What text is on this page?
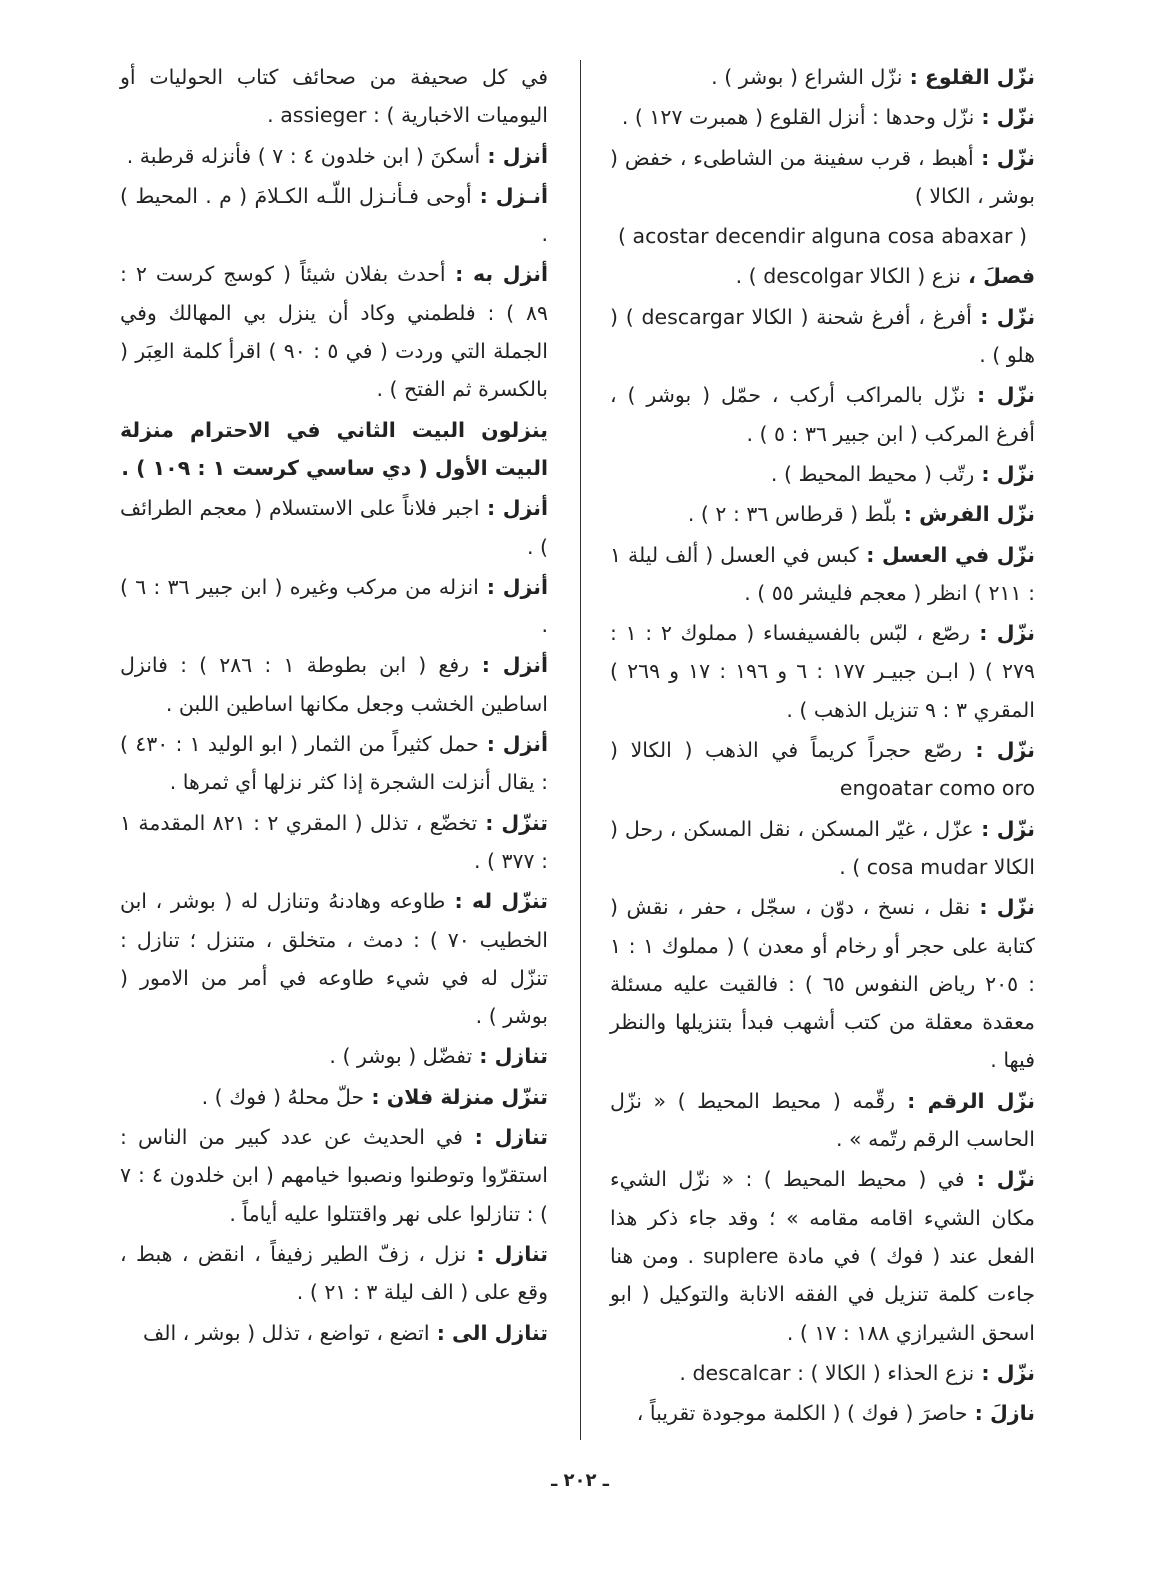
نزّل القلوع : نزّل الشراع ( بوشر ) .

نزّل : نزّل وحدها : أنزل القلوع ( همبرت ١٢٧ ) .

نزّل : أهبط ، قرب سفينة من الشاطىء ، خفض ( بوشر ، الكالا )

( acostar decendir alguna cosa abaxar )

فصلَ ، نزع ( الكالا descolgar ) .

نزّل : أفرغ ، أفرغ شحنة ( الكالا descargar ) ( هلو ) .

نزّل : نزّل بالمراكب أركب ، حمّل ( بوشر ) ، أفرغ المركب ( ابن جبير ٣٦ : ٥ ) .

نزّل : رتّب ( محيط المحيط ) .

نزّل الفرش : بلّط ( قرطاس ٣٦ : ٢ ) .

نزّل في العسل : كبس في العسل ( ألف ليلة ١ : ٢١١ ) انظر ( معجم فليشر ٥٥ ) .

نزّل : رصّع ، لبّس بالفسيفساء ( مملوك ٢ : ١ : ٢٧٩ ) ( ابـن جبيـر ١٧٧ : ٦ و ١٩٦ : ١٧ و ٢٦٩ ) المقري ٣ : ٩ تنزيل الذهب ) .

نزّل : رصّع حجراً كريماً في الذهب ( الكالا ( engoatar como oro

نزّل : عزّل ، غيّر المسكن ، نقل المسكن ، رحل ( الكالا cosa mudar ) .

نزّل : نقل ، نسخ ، دوّن ، سجّل ، حفر ، نقش ( كتابة على حجر أو رخام أو معدن ) ( مملوك ١ : ١ : ٢٠٥ رياض النفوس ٦٥ ) : فالقيت عليه مسئلة معقدة معقلة من كتب أشهب فبدأ بتنزيلها والنظر فيها .

نزّل الرقم : رقّمه ( محيط المحيط ) « نزّل الحاسب الرقم رتّمه » .

نزّل : في ( محيط المحيط ) : « نزّل الشيء مكان الشيء اقامه مقامه » ؛ وقد جاء ذكر هذا الفعل عند ( فوك ) في مادة suplere . ومن هنا جاءت كلمة تنزيل في الفقه الانابة والتوكيل ( ابو اسحق الشيرازي ١٨٨ : ١٧ ) .

نزّل : نزع الحذاء ( الكالا ) : descalcar .

نازلَ : حاصرَ ( فوك ) ( الكلمة موجودة تقريباً ،

في كل صحيفة من صحائف كتاب الحوليات أو اليوميات الاخبارية ) : assieger .

أنزل : أسكنَ ( ابن خلدون ٤ : ٧ ) فأنزله قرطبة .

أنـزل : أوحى فـأنـزل اللّـه الكـلامَ ( م . المحيط ) .

أنزل به : أحدث بفلان شيئاً ( كوسج كرست ٢ : ٨٩ ) : فلطمني وكاد أن ينزل بي المهالك وفي الجملة التي وردت ( في ٥ : ٩٠ ) اقرأ كلمة العِبَر ( بالكسرة ثم الفتح ) .

ينزلون البيت الثاني في الاحترام منزلة البيت الأول ( دي ساسي كرست ١ : ١٠٩ ) .

أنزل : اجبر فلاناً على الاستسلام ( معجم الطرائف ) .

أنزل : انزله من مركب وغيره ( ابن جبير ٣٦ : ٦ ) .

أنزل : رفع ( ابن بطوطة ١ : ٢٨٦ ) : فانزل اساطين الخشب وجعل مكانها اساطين اللبن .

أنزل : حمل كثيراً من الثمار ( ابو الوليد ١ : ٤٣٠ ) : يقال أنزلت الشجرة إذا كثر نزلها أي ثمرها .

تنزّل : تخضّع ، تذلل ( المقري ٢ : ٨٢١ المقدمة ١ : ٣٧٧ ) .

تنزّل له : طاوعه وهادنهُ وتنازل له ( بوشر ، ابن الخطيب ٧٠ ) : دمث ، متخلق ، متنزل ؛ تنازل : تنزّل له في شيء طاوعه في أمر من الامور ( بوشر ) .

تنازل : تفضّل ( بوشر ) .

تنزّل منزلة فلان : حلّ محلهُ ( فوك ) .

تنازل : في الحديث عن عدد كبير من الناس : استقرّوا وتوطنوا ونصبوا خيامهم ( ابن خلدون ٤ : ٧ ) : تنازلوا على نهر واقتتلوا عليه أياماً .

تنازل : نزل ، زفّ الطير زفيفاً ، انقض ، هبط ، وقع على ( الف ليلة ٣ : ٢١ ) .

تنازل الى : اتضع ، تواضع ، تذلل ( بوشر ، الف

ـ ٢٠٢ ـ
